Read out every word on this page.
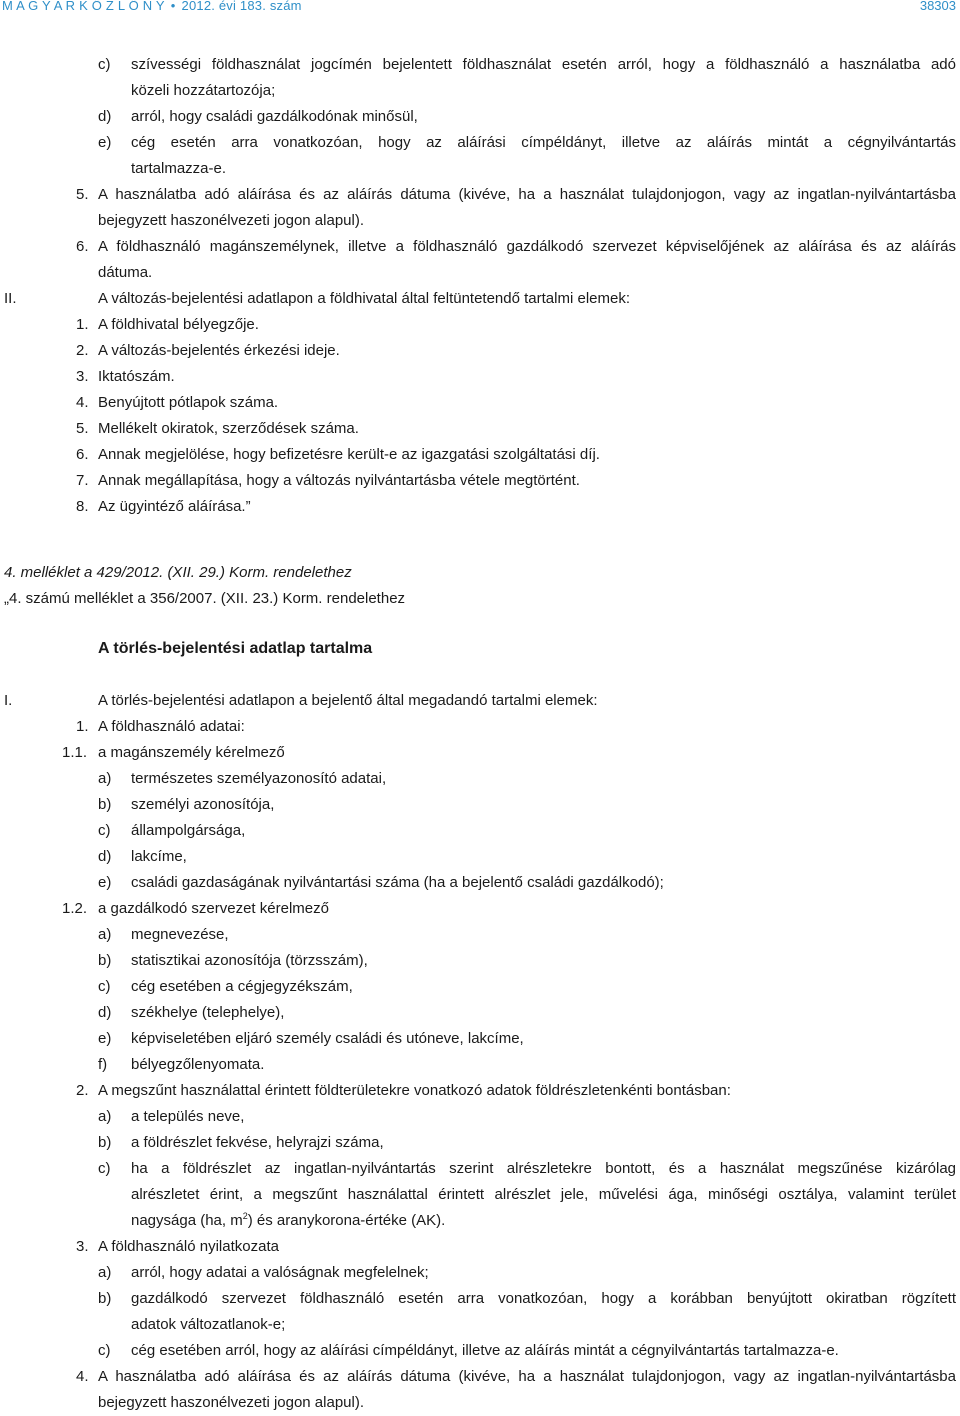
M A G Y A R K Ö Z L Ö N Y • 2012. évi 183. szám	38303
c) szívességi földhasználat jogcímén bejelentett földhasználat esetén arról, hogy a földhasználó a használatba adó
közeli hozzátartozója;
d) arról, hogy családi gazdálkodónak minősül,
e) cég esetén arra vonatkozóan, hogy az aláírási címpéldányt, illetve az aláírás mintát a cégnyilvántartás
tartalmazza-e.
5. A használatba adó aláírása és az aláírás dátuma (kivéve, ha a használat tulajdonjogon, vagy az ingatlan-nyilvántartásba
bejegyzett haszonélvezeti jogon alapul).
6. A földhasználó magánszemélynek, illetve a földhasználó gazdálkodó szervezet képviselőjének az aláírása és az aláírás
dátuma.
II.	A változás-bejelentési adatlapon a földhivatal által feltüntetendő tartalmi elemek:
1. A földhivatal bélyegzője.
2. A változás-bejelentés érkezési ideje.
3. Iktatószám.
4. Benyújtott pótlapok száma.
5. Mellékelt okiratok, szerződések száma.
6. Annak megjelölése, hogy befizetésre került-e az igazgatási szolgáltatási díj.
7. Annak megállapítása, hogy a változás nyilvántartásba vétele megtörtént.
8. Az ügyintéző aláírása.”
4. melléklet a 429/2012. (XII. 29.) Korm. rendelethez
„4. számú melléklet a 356/2007. (XII. 23.) Korm. rendelethez
A törlés-bejelentési adatlap tartalma
I.	A törlés-bejelentési adatlapon a bejelentő által megadandó tartalmi elemek:
1. A földhasználó adatai:
1.1. a magánszemély kérelmező
a) természetes személyazonosító adatai,
b) személyi azonosítója,
c) állampolgársága,
d) lakcíme,
e) családi gazdaságának nyilvántartási száma (ha a bejelentő családi gazdálkodó);
1.2. a gazdálkodó szervezet kérelmező
a) megnevezése,
b) statisztikai azonosítója (törzsszám),
c) cég esetében a cégjegyzékszám,
d) székhelye (telephelye),
e) képviseletében eljáró személy családi és utóneve, lakcíme,
f) bélyegzőlenyomata.
2. A megszűnt használattal érintett földterületekre vonatkozó adatok földrészletenkénti bontásban:
a) a település neve,
b) a földrészlet fekvése, helyrajzi száma,
c) ha a földrészlet az ingatlan-nyilvántartás szerint alrészletekre bontott, és a használat megszűnése kizárólag
alrészletet érint, a megszűnt használattal érintett alrészlet jele, művelési ága, minőségi osztálya, valamint terület
nagysága (ha, $m^2$) és aranykorona-értéke (AK).
3. A földhasználó nyilatkozata
a) arról, hogy adatai a valóságnak megfelelnek;
b) gazdálkodó szervezet földhasználó esetén arra vonatkozóan, hogy a korábban benyújtott okiratban rögzített
adatok változatlanok-e;
c) cég esetében arról, hogy az aláírási címpéldányt, illetve az aláírás mintát a cégnyilvántartás tartalmazza-e.
4. A használatba adó aláírása és az aláírás dátuma (kivéve, ha a használat tulajdonjogon, vagy az ingatlan-nyilvántartásba
bejegyzett haszonélvezeti jogon alapul).
